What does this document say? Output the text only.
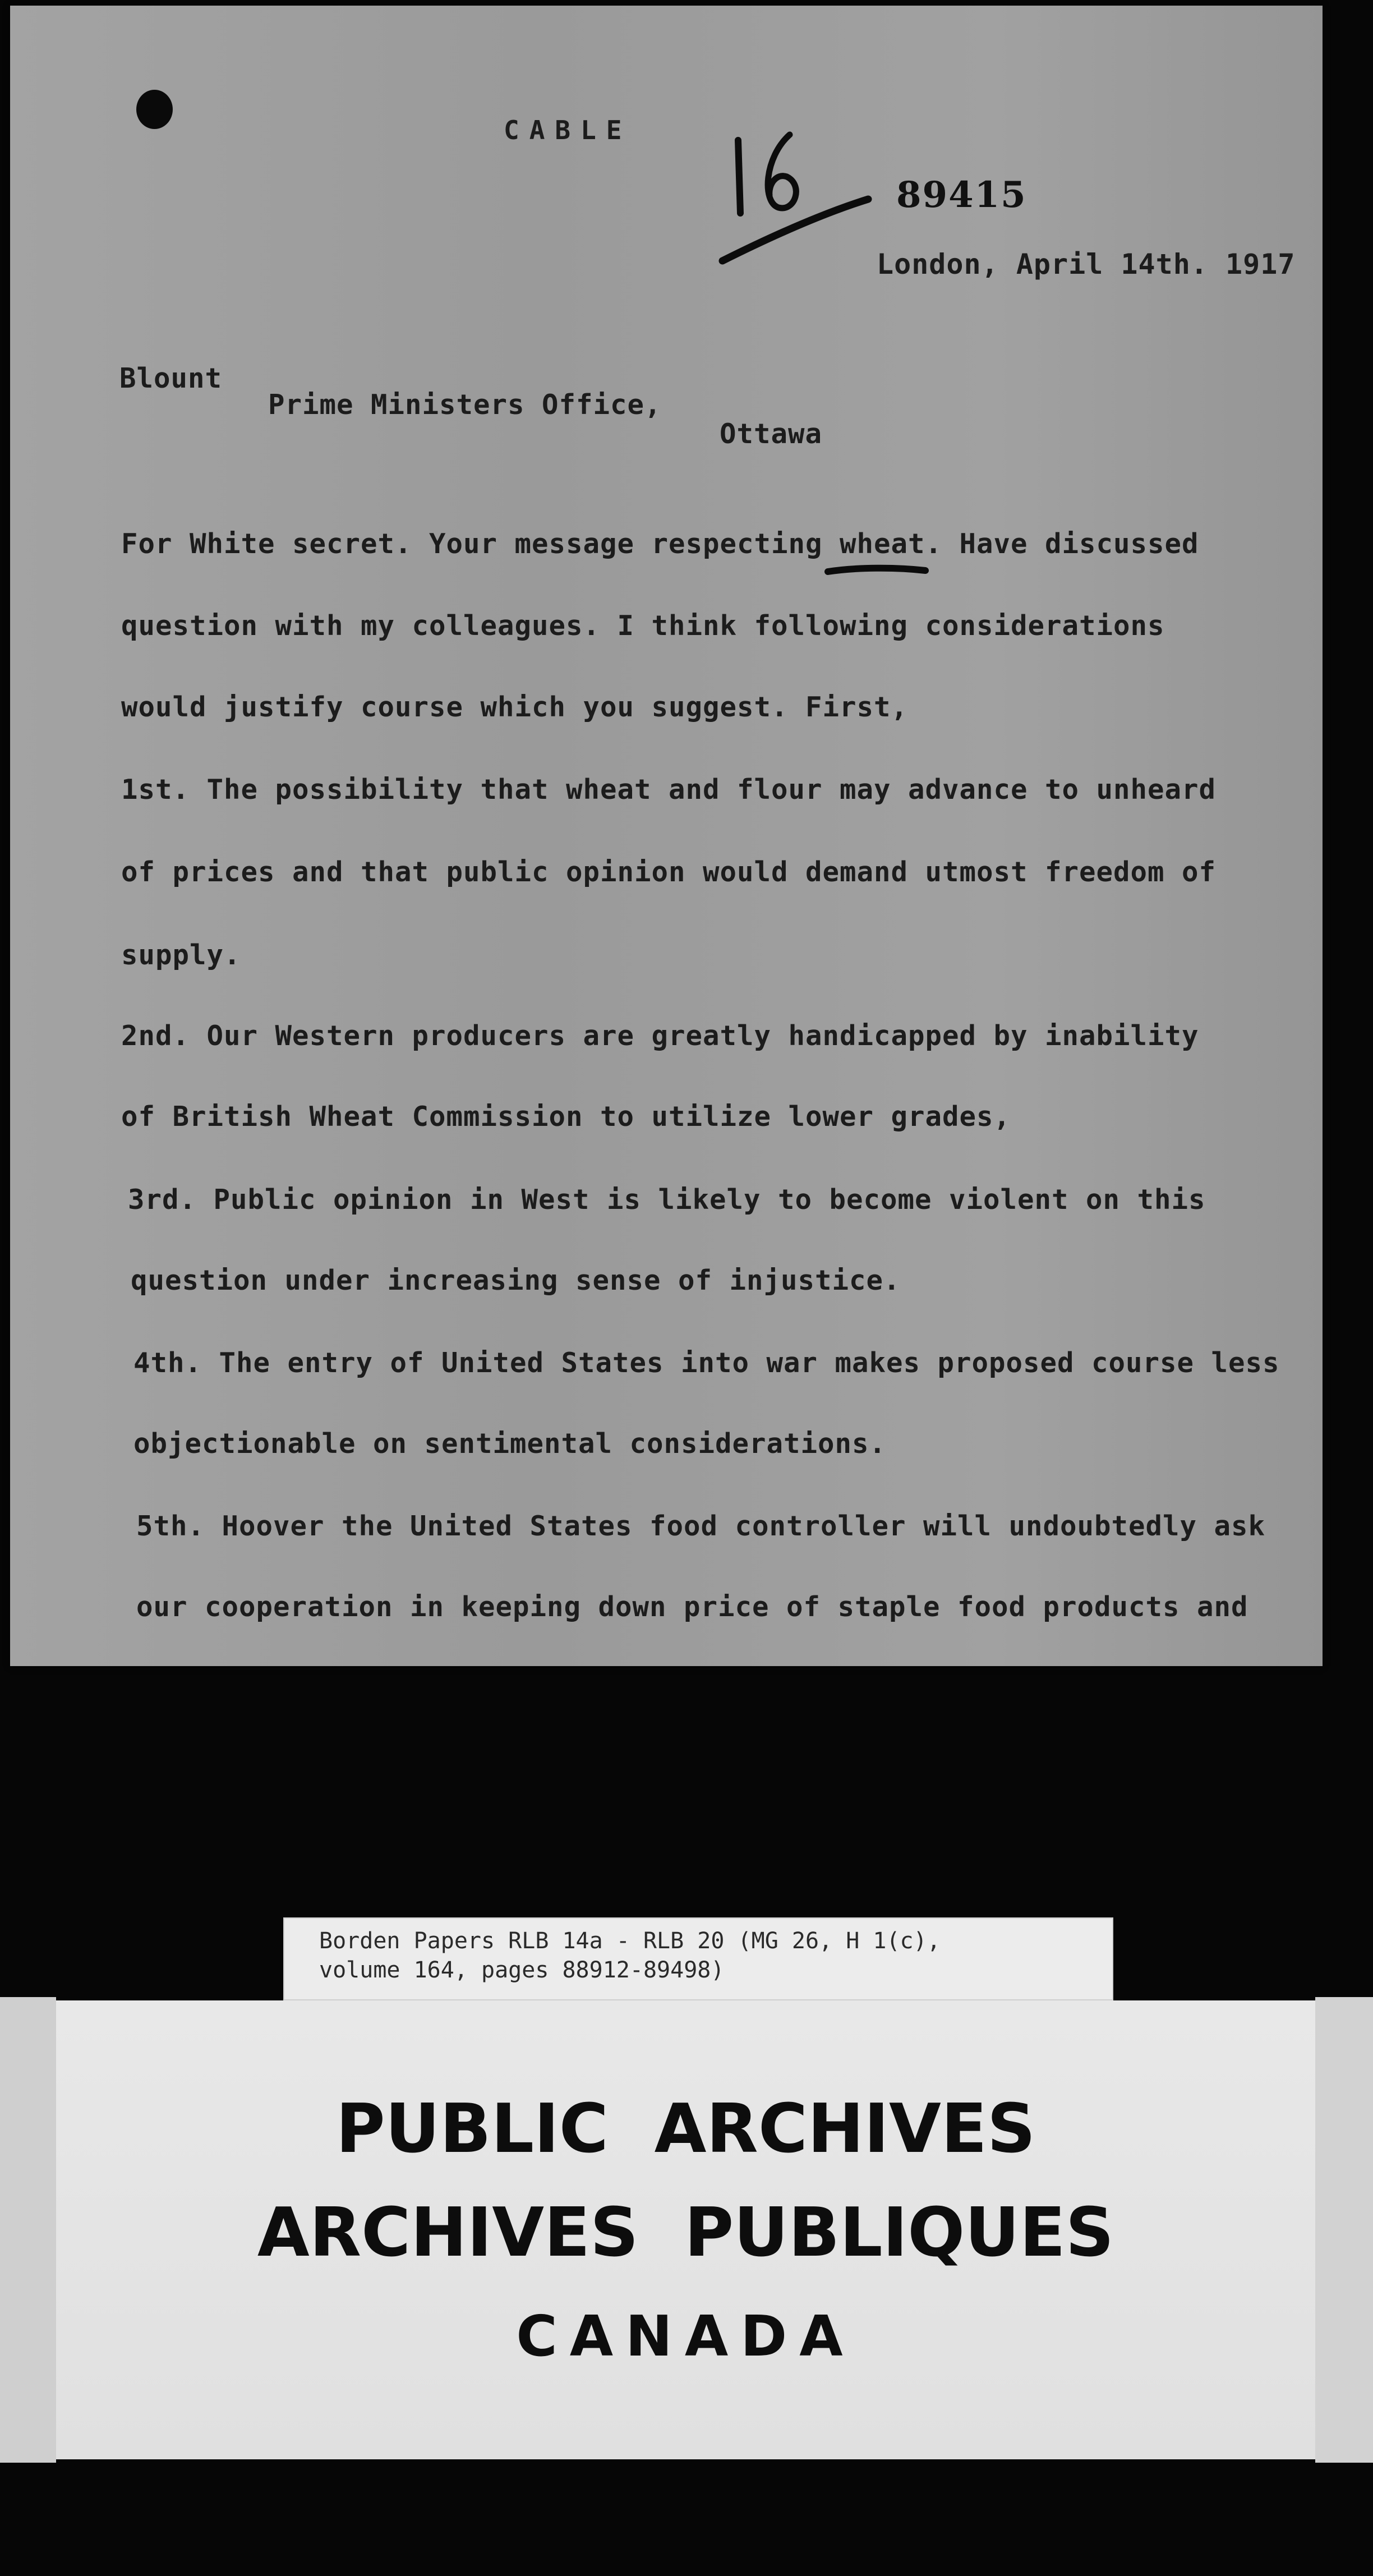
CABLE
89415
London, April 14th. 1917
Blount
Prime Ministers Office,
Ottawa
For White secret. Your message respecting wheat. Have discussed
question with my colleagues. I think following considerations
would justify course which you suggest. First,
1st. The possibility that wheat and flour may advance to unheard
of prices and that public opinion would demand utmost freedom of
supply.
2nd. Our Western producers are greatly handicapped by inability
of British Wheat Commission to utilize lower grades,
3rd. Public opinion in West is likely to become violent on this
question under increasing sense of injustice.
4th. The entry of United States into war makes proposed course less
objectionable on sentimental considerations.
5th. Hoover the United States food controller will undoubtedly ask
our cooperation in keeping down price of staple food products and
PUBLIC ARCHIVES
ARCHIVES PUBLIQUES
CANADA
Borden Papers RLB 14a - RLB 20 (MG 26, H 1(c),
volume 164, pages 88912-89498)
